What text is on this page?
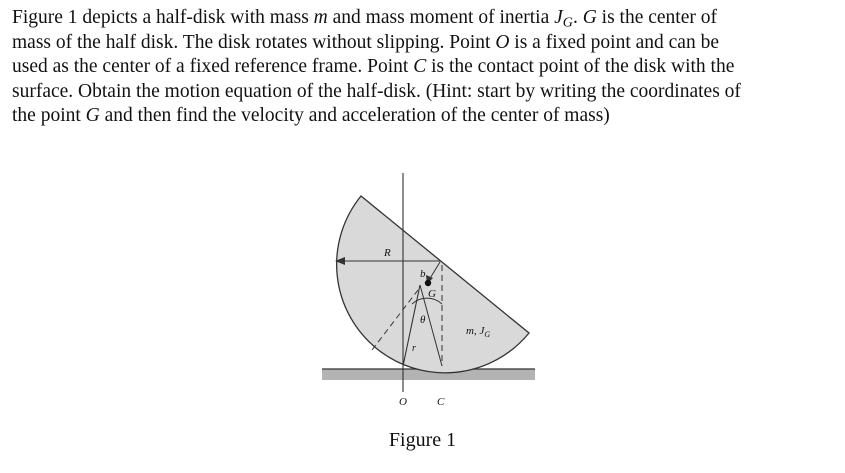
Figure 1 depicts a half-disk with mass m and mass moment of inertia $J_G$. G is the center of
mass of the half disk. The disk rotates without slipping. Point O is a fixed point and can be
used as the center of a fixed reference frame. Point C is the contact point of the disk with the
surface. Obtain the motion equation of the half-disk. (Hint: start by writing the coordinates of
the point G and then find the velocity and acceleration of the center of mass)
R
b
G
θ
r
m, $J_G$
O	C
Figure 1
